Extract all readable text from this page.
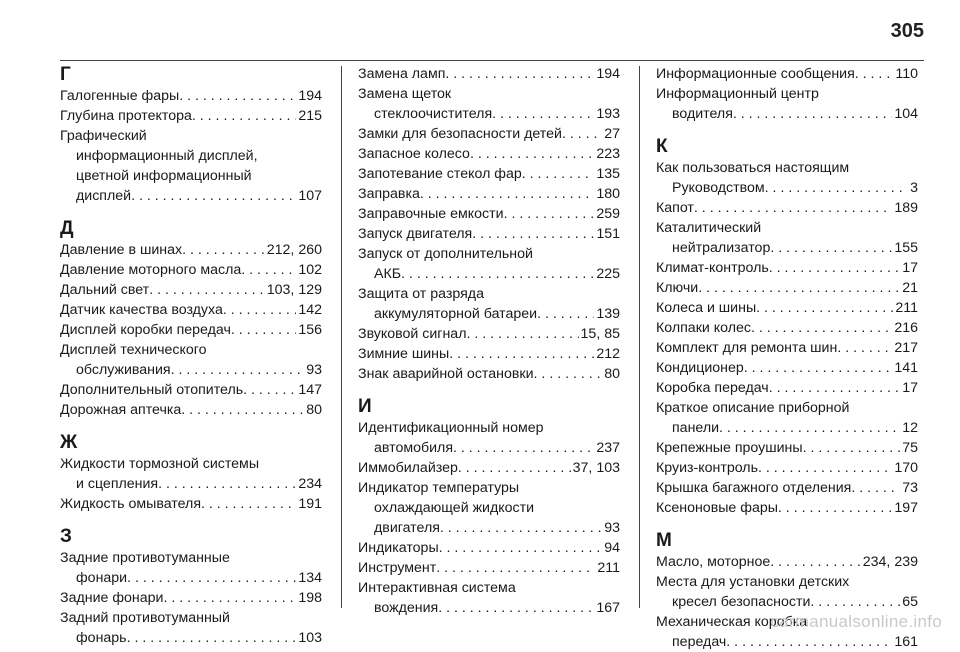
305
Г
Галогенные фары . . .	194
Глубина протектора . . .	215
Графический
информационный дисплей,
цветной информационный
дисплей . . .	107
Д
Давление в шинах . . .	212, 260
Давление моторного масла . . .	102
Дальний свет . . .	103, 129
Датчик качества воздуха . . .	142
Дисплей коробки передач . . .	156
Дисплей технического
обслуживания . . .	93
Дополнительный отопитель . . .	147
Дорожная аптечка . . .	80
Ж
Жидкости тормозной системы
и сцепления . . .	234
Жидкость омывателя . . .	191
З
Задние противотуманные
фонари . . .	134
Задние фонари . . .	198
Задний противотуманный
фонарь . . .	103
Замена ламп . . .	194
Замена щеток
стеклоочистителя . . .	193
Замки для безопасности детей . . .	27
Запасное колесо . . .	223
Запотевание стекол фар . . .	135
Заправка . . .	180
Заправочные емкости . . .	259
Запуск двигателя . . .	151
Запуск от дополнительной
АКБ . . .	225
Защита от разряда
аккумуляторной батареи . . .	139
Звуковой сигнал . . .	15, 85
Зимние шины . . .	212
Знак аварийной остановки . . .	80
И
Идентификационный номер
автомобиля . . .	237
Иммобилайзер . . .	37, 103
Индикатор температуры
охлаждающей жидкости
двигателя . . .	93
Индикаторы . . .	94
Инструмент . . .	211
Интерактивная система
вождения . . .	167
Информационные сообщения . . .	110
Информационный центр
водителя . . .	104
К
Как пользоваться настоящим
Руководством . . .	3
Капот . . .	189
Каталитический
нейтрализатор . . .	155
Климат-контроль . . .	17
Ключи . . .	21
Колеса и шины . . .	211
Колпаки колес . . .	216
Комплект для ремонта шин . . .	217
Кондиционер . . .	141
Коробка передач . . .	17
Краткое описание приборной
панели . . .	12
Крепежные проушины . . .	75
Круиз-контроль . . .	170
Крышка багажного отделения . . .	73
Ксеноновые фары . . .	197
М
Масло, моторное . . .	234, 239
Места для установки детских
кресел безопасности . . .	65
Механическая коробка
передач . . .	161
carmanualsonline.info
